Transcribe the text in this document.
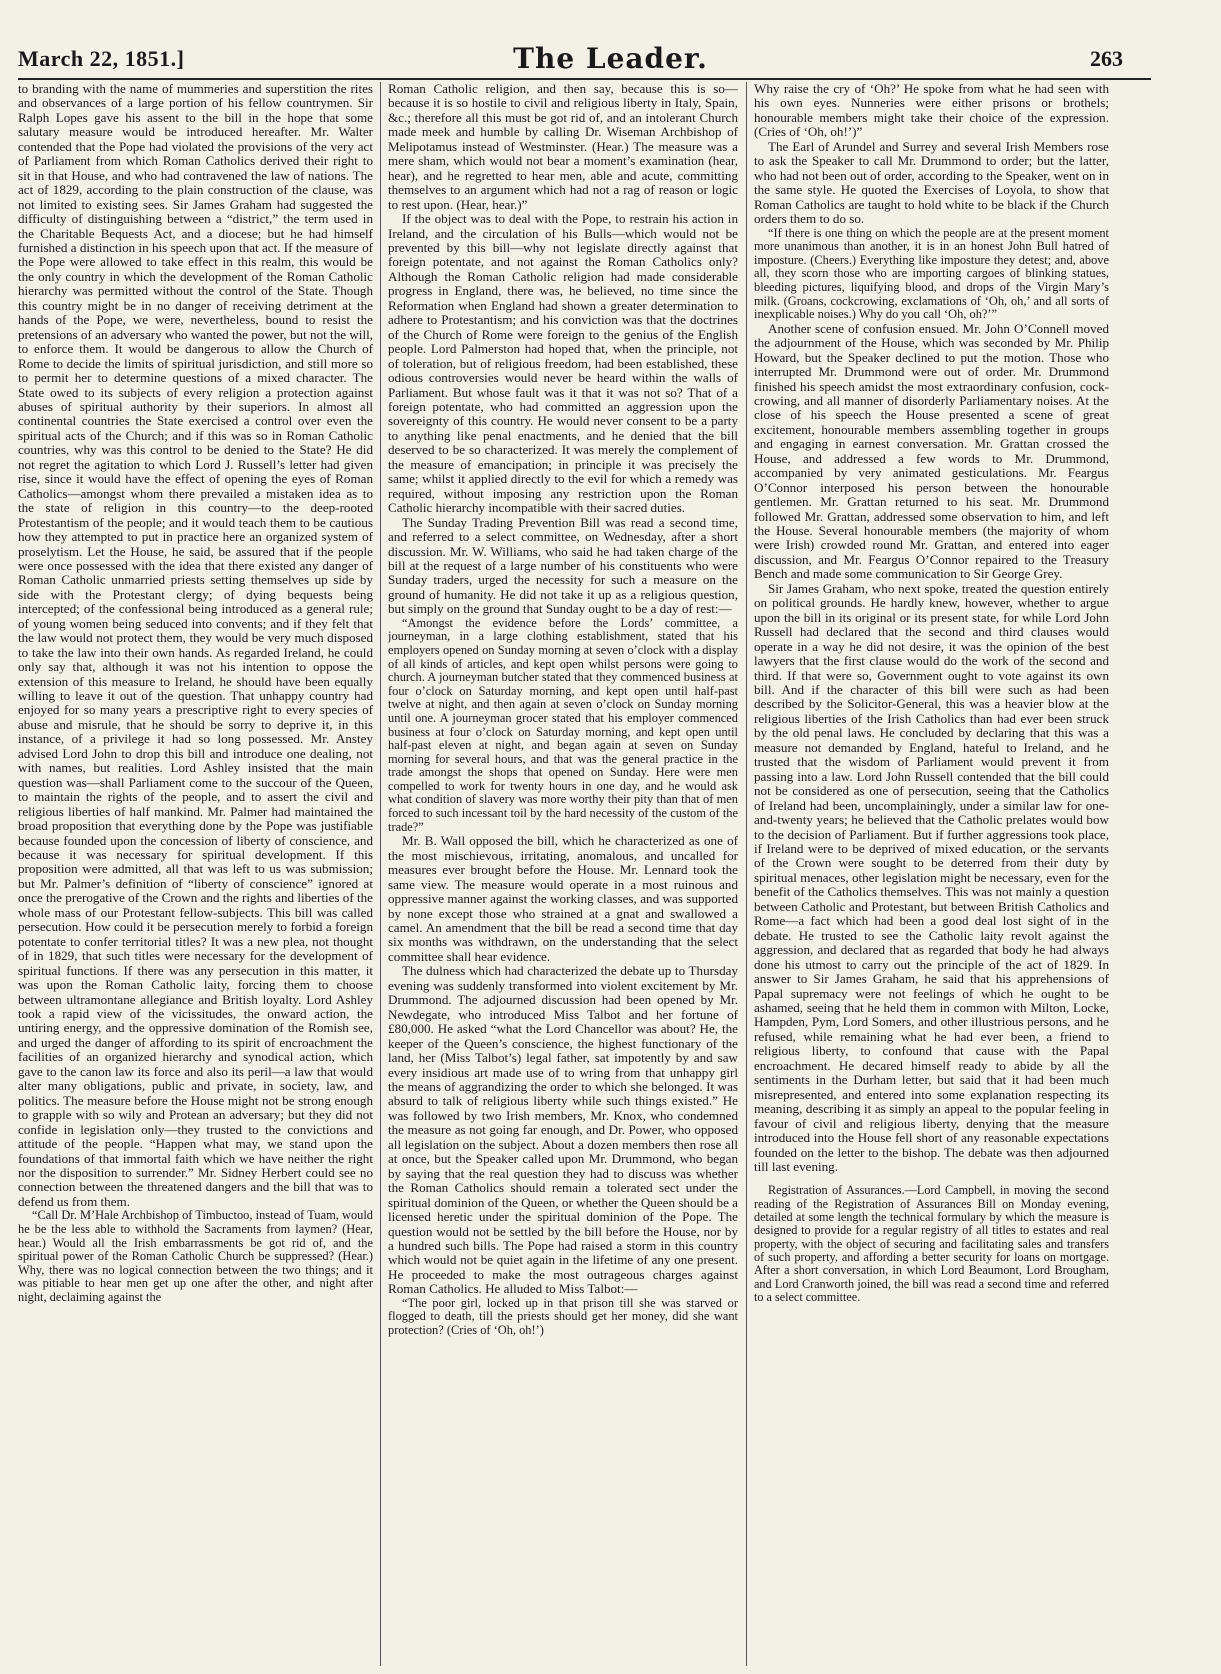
March 22, 1851.]	The Leader.	263

to branding with the name of mummeries and superstition the rites and observances of a large portion of his fellow countrymen. Sir Ralph Lopes gave his assent to the bill in the hope that some salutary measure would be introduced hereafter. Mr. Walter contended that the Pope had violated the provisions of the very act of Parliament from which Roman Catholics derived their right to sit in that House, and who had contravened the law of nations. The act of 1829, according to the plain construction of the clause, was not limited to existing sees. Sir James Graham had suggested the difficulty of distinguishing between a “district,” the term used in the Charitable Bequests Act, and a diocese; but he had himself furnished a distinction in his speech upon that act. If the measure of the Pope were allowed to take effect in this realm, this would be the only country in which the development of the Roman Catholic hierarchy was permitted without the control of the State. Though this country might be in no danger of receiving detriment at the hands of the Pope, we were, nevertheless, bound to resist the pretensions of an adversary who wanted the power, but not the will, to enforce them. It would be dangerous to allow the Church of Rome to decide the limits of spiritual jurisdiction, and still more so to permit her to determine questions of a mixed character. The State owed to its subjects of every religion a protection against abuses of spiritual authority by their superiors. In almost all continental countries the State exercised a control over even the spiritual acts of the Church; and if this was so in Roman Catholic countries, why was this control to be denied to the State? He did not regret the agitation to which Lord J. Russell’s letter had given rise, since it would have the effect of opening the eyes of Roman Catholics—amongst whom there prevailed a mistaken idea as to the state of religion in this country—to the deep-rooted Protestantism of the people; and it would teach them to be cautious how they attempted to put in practice here an organized system of proselytism. Let the House, he said, be assured that if the people were once possessed with the idea that there existed any danger of Roman Catholic unmarried priests setting themselves up side by side with the Protestant clergy; of dying bequests being intercepted; of the confessional being introduced as a general rule; of young women being seduced into convents; and if they felt that the law would not protect them, they would be very much disposed to take the law into their own hands. As regarded Ireland, he could only say that, although it was not his intention to oppose the extension of this measure to Ireland, he should have been equally willing to leave it out of the question. That unhappy country had enjoyed for so many years a prescriptive right to every species of abuse and misrule, that he should be sorry to deprive it, in this instance, of a privilege it had so long possessed. Mr. Anstey advised Lord John to drop this bill and introduce one dealing, not with names, but realities. Lord Ashley insisted that the main question was—shall Parliament come to the succour of the Queen, to maintain the rights of the people, and to assert the civil and religious liberties of half mankind. Mr. Palmer had maintained the broad proposition that everything done by the Pope was justifiable because founded upon the concession of liberty of conscience, and because it was necessary for spiritual development. If this proposition were admitted, all that was left to us was submission; but Mr. Palmer’s definition of “liberty of conscience” ignored at once the prerogative of the Crown and the rights and liberties of the whole mass of our Protestant fellow-subjects. This bill was called persecution. How could it be persecution merely to forbid a foreign potentate to confer territorial titles? It was a new plea, not thought of in 1829, that such titles were necessary for the development of spiritual functions. If there was any persecution in this matter, it was upon the Roman Catholic laity, forcing them to choose between ultramontane allegiance and British loyalty. Lord Ashley took a rapid view of the vicissitudes, the onward action, the untiring energy, and the oppressive domination of the Romish see, and urged the danger of affording to its spirit of encroachment the facilities of an organized hierarchy and synodical action, which gave to the canon law its force and also its peril—a law that would alter many obligations, public and private, in society, law, and politics. The measure before the House might not be strong enough to grapple with so wily and Protean an adversary; but they did not confide in legislation only—they trusted to the convictions and attitude of the people. “Happen what may, we stand upon the foundations of that immortal faith which we have neither the right nor the disposition to surrender.” Mr. Sidney Herbert could see no connection between the threatened dangers and the bill that was to defend us from them.

“Call Dr. M’Hale Archbishop of Timbuctoo, instead of Tuam, would he be the less able to withhold the Sacraments from laymen? (Hear, hear.) Would all the Irish embarrassments be got rid of, and the spiritual power of the Roman Catholic Church be suppressed? (Hear.) Why, there was no logical connection between the two things; and it was pitiable to hear men get up one after the other, and night after night, declaiming against the

Roman Catholic religion, and then say, because this is so—because it is so hostile to civil and religious liberty in Italy, Spain, &c.; therefore all this must be got rid of, and an intolerant Church made meek and humble by calling Dr. Wiseman Archbishop of Melipotamus instead of Westminster. (Hear.) The measure was a mere sham, which would not bear a moment’s examination (hear, hear), and he regretted to hear men, able and acute, committing themselves to an argument which had not a rag of reason or logic to rest upon. (Hear, hear.)”

If the object was to deal with the Pope, to restrain his action in Ireland, and the circulation of his Bulls—which would not be prevented by this bill—why not legislate directly against that foreign potentate, and not against the Roman Catholics only? Although the Roman Catholic religion had made considerable progress in England, there was, he believed, no time since the Reformation when England had shown a greater determination to adhere to Protestantism; and his conviction was that the doctrines of the Church of Rome were foreign to the genius of the English people. Lord Palmerston had hoped that, when the principle, not of toleration, but of religious freedom, had been established, these odious controversies would never be heard within the walls of Parliament. But whose fault was it that it was not so? That of a foreign potentate, who had committed an aggression upon the sovereignty of this country. He would never consent to be a party to anything like penal enactments, and he denied that the bill deserved to be so characterized. It was merely the complement of the measure of emancipation; in principle it was precisely the same; whilst it applied directly to the evil for which a remedy was required, without imposing any restriction upon the Roman Catholic hierarchy incompatible with their sacred duties.

The Sunday Trading Prevention Bill was read a second time, and referred to a select committee, on Wednesday, after a short discussion. Mr. W. Williams, who said he had taken charge of the bill at the request of a large number of his constituents who were Sunday traders, urged the necessity for such a measure on the ground of humanity. He did not take it up as a religious question, but simply on the ground that Sunday ought to be a day of rest:—

“Amongst the evidence before the Lords’ committee, a journeyman, in a large clothing establishment, stated that his employers opened on Sunday morning at seven o’clock with a display of all kinds of articles, and kept open whilst persons were going to church. A journeyman butcher stated that they commenced business at four o’clock on Saturday morning, and kept open until half-past twelve at night, and then again at seven o’clock on Sunday morning until one. A journeyman grocer stated that his employer commenced business at four o’clock on Saturday morning, and kept open until half-past eleven at night, and began again at seven on Sunday morning for several hours, and that was the general practice in the trade amongst the shops that opened on Sunday. Here were men compelled to work for twenty hours in one day, and he would ask what condition of slavery was more worthy their pity than that of men forced to such incessant toil by the hard necessity of the custom of the trade?”

Mr. B. Wall opposed the bill, which he characterized as one of the most mischievous, irritating, anomalous, and uncalled for measures ever brought before the House. Mr. Lennard took the same view. The measure would operate in a most ruinous and oppressive manner against the working classes, and was supported by none except those who strained at a gnat and swallowed a camel. An amendment that the bill be read a second time that day six months was withdrawn, on the understanding that the select committee shall hear evidence.

The dulness which had characterized the debate up to Thursday evening was suddenly transformed into violent excitement by Mr. Drummond. The adjourned discussion had been opened by Mr. Newdegate, who introduced Miss Talbot and her fortune of £80,000. He asked “what the Lord Chancellor was about? He, the keeper of the Queen’s conscience, the highest functionary of the land, her (Miss Talbot’s) legal father, sat impotently by and saw every insidious art made use of to wring from that unhappy girl the means of aggrandizing the order to which she belonged. It was absurd to talk of religious liberty while such things existed.” He was followed by two Irish members, Mr. Knox, who condemned the measure as not going far enough, and Dr. Power, who opposed all legislation on the subject. About a dozen members then rose all at once, but the Speaker called upon Mr. Drummond, who began by saying that the real question they had to discuss was whether the Roman Catholics should remain a tolerated sect under the spiritual dominion of the Queen, or whether the Queen should be a licensed heretic under the spiritual dominion of the Pope. The question would not be settled by the bill before the House, nor by a hundred such bills. The Pope had raised a storm in this country which would not be quiet again in the lifetime of any one present. He proceeded to make the most outrageous charges against Roman Catholics. He alluded to Miss Talbot:—

“The poor girl, locked up in that prison till she was starved or flogged to death, till the priests should get her money, did she want protection? (Cries of ‘Oh, oh!’)

Why raise the cry of ‘Oh?’ He spoke from what he had seen with his own eyes. Nunneries were either prisons or brothels; honourable members might take their choice of the expression. (Cries of ‘Oh, oh!’)”

The Earl of Arundel and Surrey and several Irish Members rose to ask the Speaker to call Mr. Drummond to order; but the latter, who had not been out of order, according to the Speaker, went on in the same style. He quoted the Exercises of Loyola, to show that Roman Catholics are taught to hold white to be black if the Church orders them to do so.

“If there is one thing on which the people are at the present moment more unanimous than another, it is in an honest John Bull hatred of imposture. (Cheers.) Everything like imposture they detest; and, above all, they scorn those who are importing cargoes of blinking statues, bleeding pictures, liquifying blood, and drops of the Virgin Mary’s milk. (Groans, cockcrowing, exclamations of ‘Oh, oh,’ and all sorts of inexplicable noises.) Why do you call ‘Oh, oh?’”

Another scene of confusion ensued. Mr. John O’Connell moved the adjournment of the House, which was seconded by Mr. Philip Howard, but the Speaker declined to put the motion. Those who interrupted Mr. Drummond were out of order. Mr. Drummond finished his speech amidst the most extraordinary confusion, cock-crowing, and all manner of disorderly Parliamentary noises. At the close of his speech the House presented a scene of great excitement, honourable members assembling together in groups and engaging in earnest conversation. Mr. Grattan crossed the House, and addressed a few words to Mr. Drummond, accompanied by very animated gesticulations. Mr. Feargus O’Connor interposed his person between the honourable gentlemen. Mr. Grattan returned to his seat. Mr. Drummond followed Mr. Grattan, addressed some observation to him, and left the House. Several honourable members (the majority of whom were Irish) crowded round Mr. Grattan, and entered into eager discussion, and Mr. Feargus O’Connor repaired to the Treasury Bench and made some communication to Sir George Grey.

Sir James Graham, who next spoke, treated the question entirely on political grounds. He hardly knew, however, whether to argue upon the bill in its original or its present state, for while Lord John Russell had declared that the second and third clauses would operate in a way he did not desire, it was the opinion of the best lawyers that the first clause would do the work of the second and third. If that were so, Government ought to vote against its own bill. And if the character of this bill were such as had been described by the Solicitor-General, this was a heavier blow at the religious liberties of the Irish Catholics than had ever been struck by the old penal laws. He concluded by declaring that this was a measure not demanded by England, hateful to Ireland, and he trusted that the wisdom of Parliament would prevent it from passing into a law. Lord John Russell contended that the bill could not be considered as one of persecution, seeing that the Catholics of Ireland had been, uncomplainingly, under a similar law for one-and-twenty years; he believed that the Catholic prelates would bow to the decision of Parliament. But if further aggressions took place, if Ireland were to be deprived of mixed education, or the servants of the Crown were sought to be deterred from their duty by spiritual menaces, other legislation might be necessary, even for the benefit of the Catholics themselves. This was not mainly a question between Catholic and Protestant, but between British Catholics and Rome—a fact which had been a good deal lost sight of in the debate. He trusted to see the Catholic laity revolt against the aggression, and declared that as regarded that body he had always done his utmost to carry out the principle of the act of 1829. In answer to Sir James Graham, he said that his apprehensions of Papal supremacy were not feelings of which he ought to be ashamed, seeing that he held them in common with Milton, Locke, Hampden, Pym, Lord Somers, and other illustrious persons, and he refused, while remaining what he had ever been, a friend to religious liberty, to confound that cause with the Papal encroachment. He decared himself ready to abide by all the sentiments in the Durham letter, but said that it had been much misrepresented, and entered into some explanation respecting its meaning, describing it as simply an appeal to the popular feeling in favour of civil and religious liberty, denying that the measure introduced into the House fell short of any reasonable expectations founded on the letter to the bishop. The debate was then adjourned till last evening.

Registration of Assurances.—Lord Campbell, in moving the second reading of the Registration of Assurances Bill on Monday evening, detailed at some length the technical formulary by which the measure is designed to provide for a regular registry of all titles to estates and real property, with the object of securing and facilitating sales and transfers of such property, and affording a better security for loans on mortgage. After a short conversation, in which Lord Beaumont, Lord Brougham, and Lord Cranworth joined, the bill was read a second time and referred to a select committee.
